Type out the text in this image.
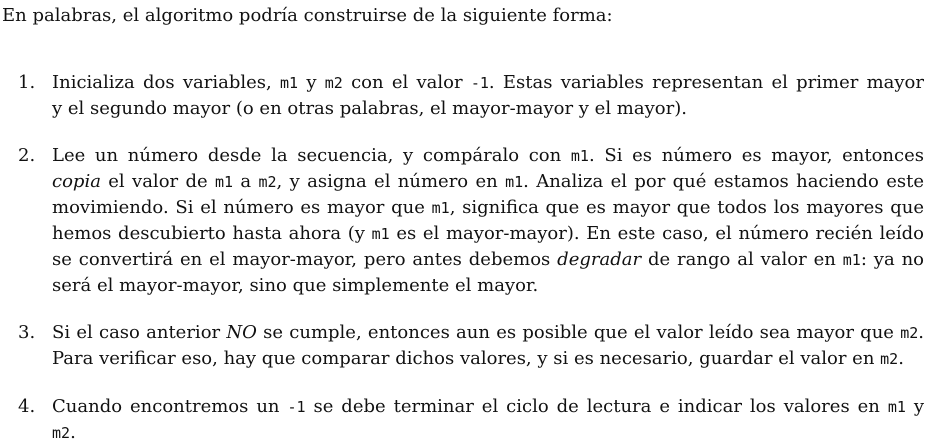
En palabras, el algoritmo podría construirse de la siguiente forma:

1. Inicializa dos variables, m1 y m2 con el valor -1. Estas variables representan el primer mayor
y el segundo mayor (o en otras palabras, el mayor-mayor y el mayor).
2. Lee un número desde la secuencia, y compáralo con m1. Si es número es mayor, entonces
copia el valor de m1 a m2, y asigna el número en m1. Analiza el por qué estamos haciendo este
movimiendo. Si el número es mayor que m1, significa que es mayor que todos los mayores que
hemos descubierto hasta ahora (y m1 es el mayor-mayor). En este caso, el número recién leído
se convertirá en el mayor-mayor, pero antes debemos degradar de rango al valor en m1: ya no
será el mayor-mayor, sino que simplemente el mayor.
3. Si el caso anterior NO se cumple, entonces aun es posible que el valor leído sea mayor que m2.
Para verificar eso, hay que comparar dichos valores, y si es necesario, guardar el valor en m2.
4. Cuando encontremos un -1 se debe terminar el ciclo de lectura e indicar los valores en m1 y
m2.
